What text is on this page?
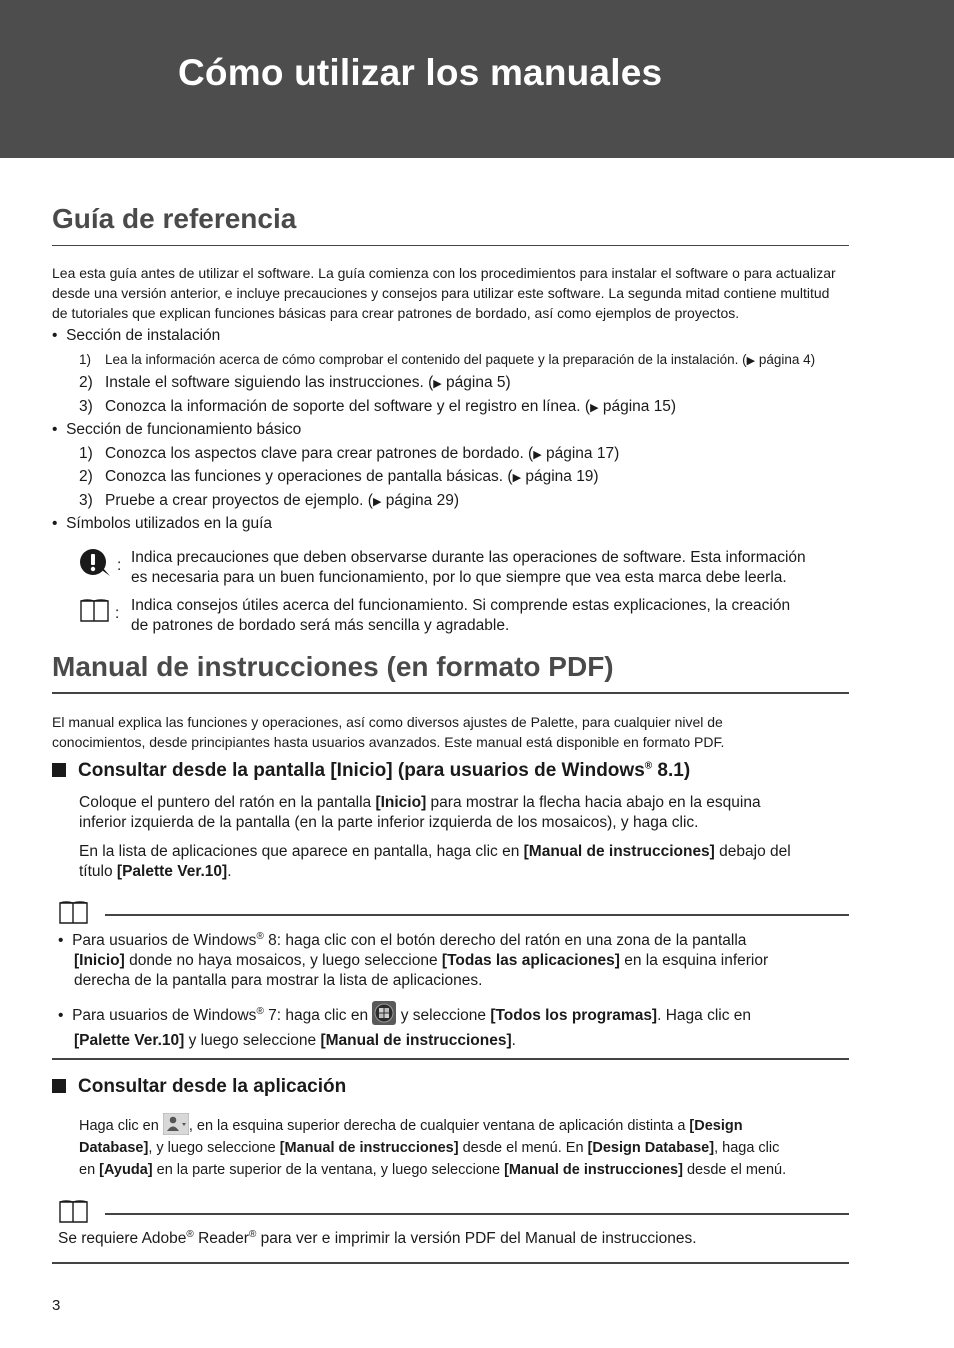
Cómo utilizar los manuales
Guía de referencia

Lea esta guía antes de utilizar el software. La guía comienza con los procedimientos para instalar el software o para actualizar
desde una versión anterior, e incluye precauciones y consejos para utilizar este software. La segunda mitad contiene multitud
de tutoriales que explican funciones básicas para crear patrones de bordado, así como ejemplos de proyectos.

• Sección de instalación

1) Lea la información acerca de cómo comprobar el contenido del paquete y la preparación de la instalación. (▶ página 4)

2) Instale el software siguiendo las instrucciones. (▶ página 5)

3) Conozca la información de soporte del software y el registro en línea. (▶ página 15)

• Sección de funcionamiento básico

1) Conozca los aspectos clave para crear patrones de bordado. (▶ página 17)

2) Conozca las funciones y operaciones de pantalla básicas. (▶ página 19)

3) Pruebe a crear proyectos de ejemplo. (▶ página 29)

• Símbolos utilizados en la guía

: Indica precauciones que deben observarse durante las operaciones de software. Esta información
es necesaria para un buen funcionamiento, por lo que siempre que vea esta marca debe leerla.

: Indica consejos útiles acerca del funcionamiento. Si comprende estas explicaciones, la creación
de patrones de bordado será más sencilla y agradable.

Manual de instrucciones (en formato PDF)

El manual explica las funciones y operaciones, así como diversos ajustes de Palette, para cualquier nivel de
conocimientos, desde principiantes hasta usuarios avanzados. Este manual está disponible en formato PDF.

Consultar desde la pantalla [Inicio] (para usuarios de Windows® 8.1)

Coloque el puntero del ratón en la pantalla [Inicio] para mostrar la flecha hacia abajo en la esquina
inferior izquierda de la pantalla (en la parte inferior izquierda de los mosaicos), y haga clic.

En la lista de aplicaciones que aparece en pantalla, haga clic en [Manual de instrucciones] debajo del
título [Palette Ver.10].

• Para usuarios de Windows® 8: haga clic con el botón derecho del ratón en una zona de la pantalla
[Inicio] donde no haya mosaicos, y luego seleccione [Todas las aplicaciones] en la esquina inferior
derecha de la pantalla para mostrar la lista de aplicaciones.

• Para usuarios de Windows® 7: haga clic en  y seleccione [Todos los programas]. Haga clic en
[Palette Ver.10] y luego seleccione [Manual de instrucciones].

Consultar desde la aplicación

Haga clic en , en la esquina superior derecha de cualquier ventana de aplicación distinta a [Design
Database], y luego seleccione [Manual de instrucciones] desde el menú. En [Design Database], haga clic
en [Ayuda] en la parte superior de la ventana, y luego seleccione [Manual de instrucciones] desde el menú.

Se requiere Adobe® Reader® para ver e imprimir la versión PDF del Manual de instrucciones.

3
